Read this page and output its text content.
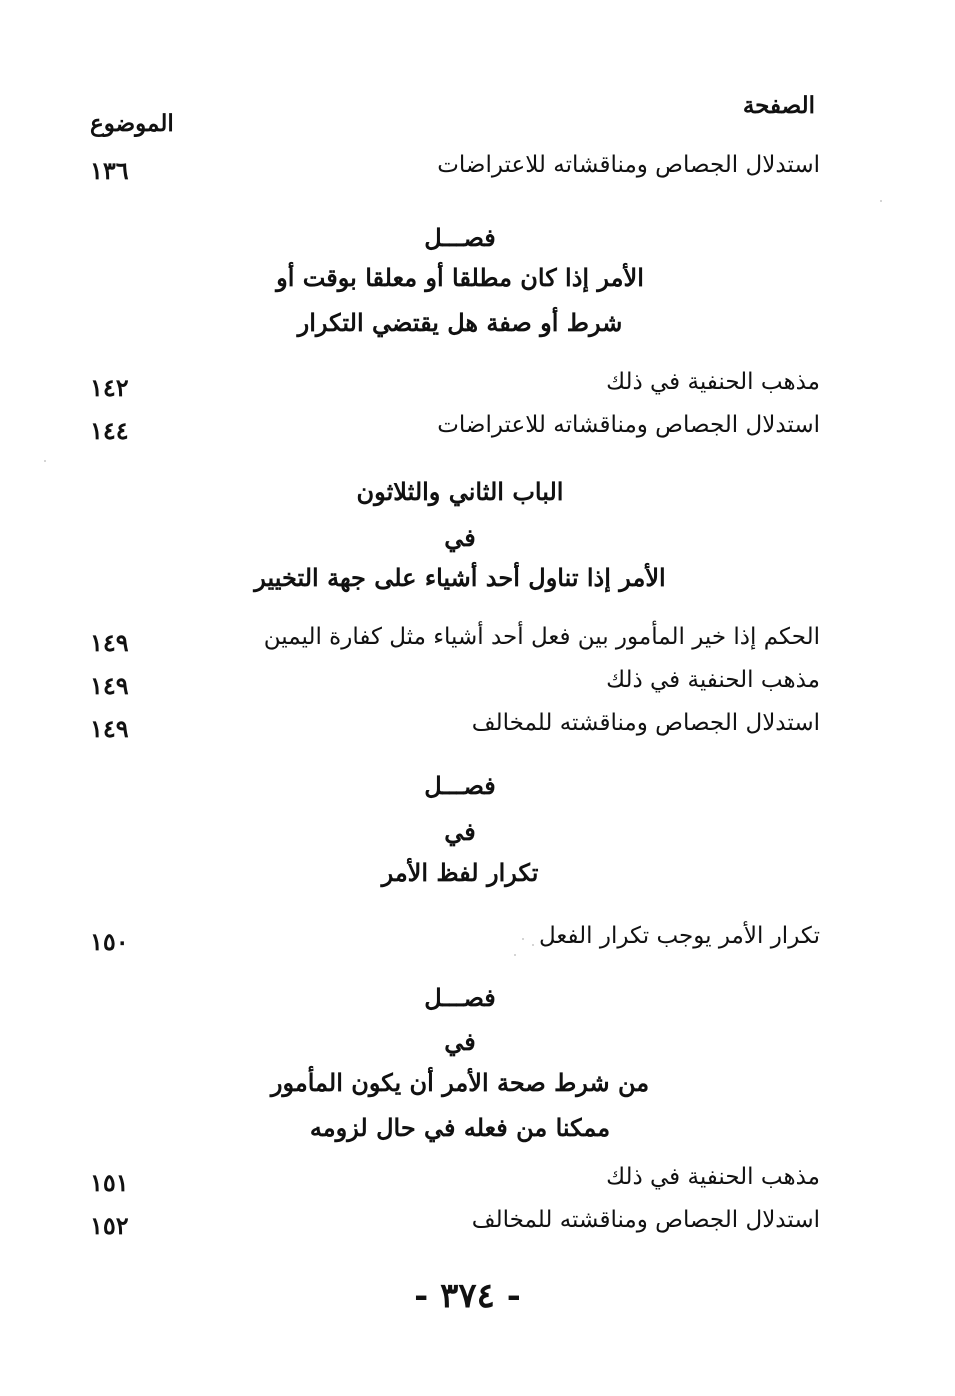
الصفحة
الموضوع
استدلال الجصاص ومناقشاته للاعتراضات
١٣٦
فصـــل
الأمر إذا كان مطلقا أو معلقا بوقت أو
شرط أو صفة هل يقتضي التكرار
مذهب الحنفية في ذلك
١٤٢
استدلال الجصاص ومناقشاته للاعتراضات
١٤٤
الباب الثاني والثلاثون
في
الأمر إذا تناول أحد أشياء على جهة التخيير
الحكم إذا خير المأمور بين فعل أحد أشياء مثل كفارة اليمين
١٤٩
مذهب الحنفية في ذلك
١٤٩
استدلال الجصاص ومناقشته للمخالف
١٤٩
فصـــل
في
تكرار لفظ الأمر
تكرار الأمر يوجب تكرار الفعل
١٥٠
فصـــل
في
من شرط صحة الأمر أن يكون المأمور
ممكنا من فعله في حال لزومه
مذهب الحنفية في ذلك
١٥١
استدلال الجصاص ومناقشته للمخالف
١٥٢
- ٣٧٤ -
